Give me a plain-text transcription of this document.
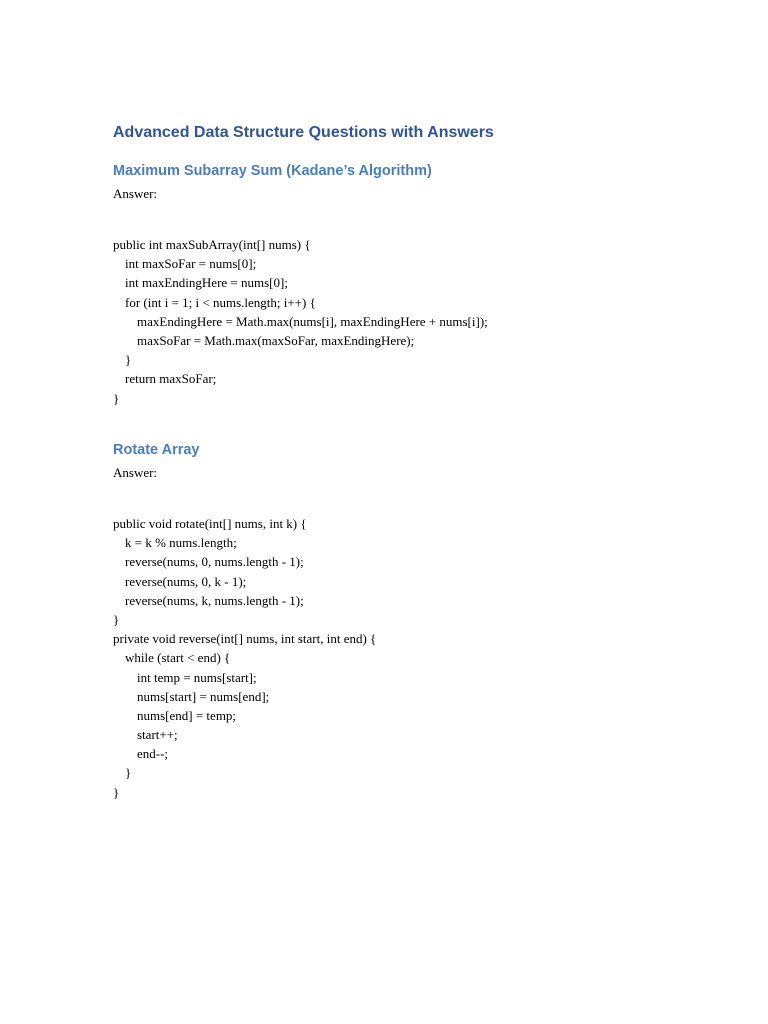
Advanced Data Structure Questions with Answers
Maximum Subarray Sum (Kadane’s Algorithm)

Answer:

public int maxSubArray(int[] nums) {
int maxSoFar = nums[0];
int maxEndingHere = nums[0];
for (int i = 1; i < nums.length; i++) {
maxEndingHere = Math.max(nums[i], maxEndingHere + nums[i]);
maxSoFar = Math.max(maxSoFar, maxEndingHere);
}
return maxSoFar;
}
Rotate Array

Answer:

public void rotate(int[] nums, int k) {
k = k % nums.length;
reverse(nums, 0, nums.length - 1);
reverse(nums, 0, k - 1);
reverse(nums, k, nums.length - 1);
}
private void reverse(int[] nums, int start, int end) {
while (start < end) {
int temp = nums[start];
nums[start] = nums[end];
nums[end] = temp;
start++;
end--;
}
}
